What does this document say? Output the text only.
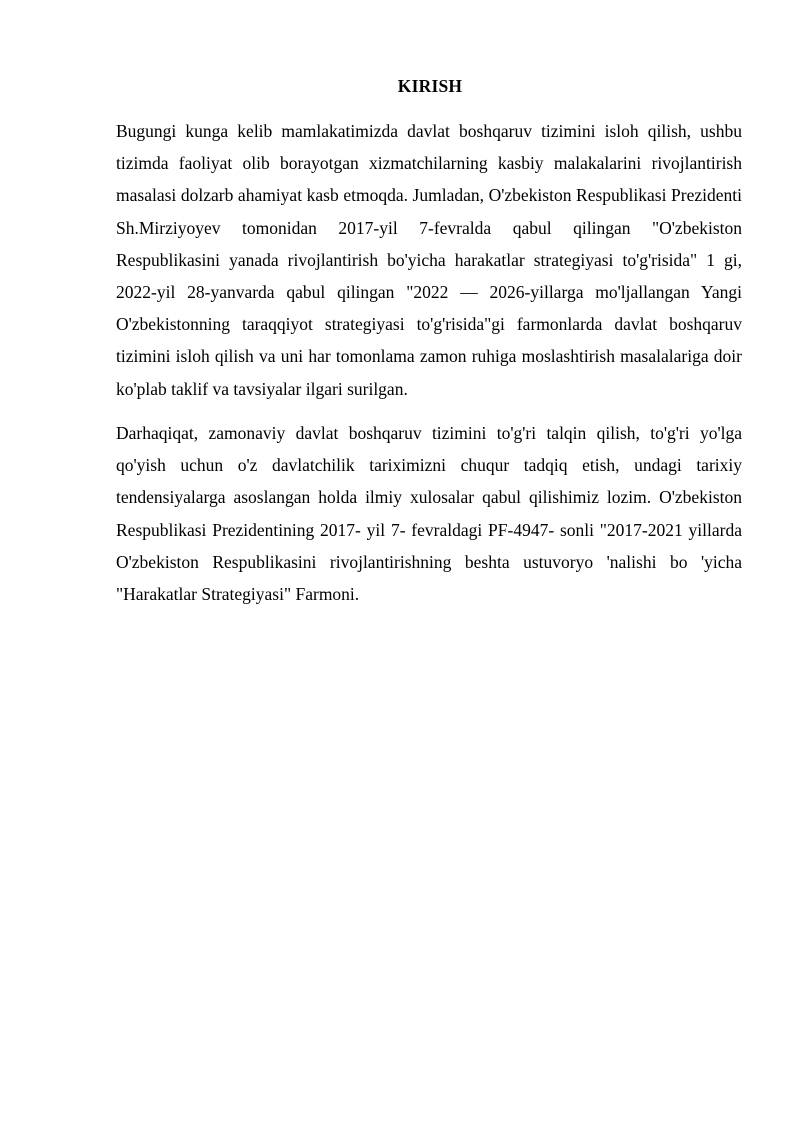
KIRISH

Bugungi kunga kelib mamlakatimizda davlat boshqaruv tizimini isloh qilish, ushbu tizimda faoliyat olib borayotgan xizmatchilarning kasbiy malakalarini rivojlantirish masalasi dolzarb ahamiyat kasb etmoqda. Jumladan, O'zbekiston Respublikasi Prezidenti Sh.Mirziyoyev tomonidan 2017-yil 7-fevralda qabul qilingan "O'zbekiston Respublikasini yanada rivojlantirish bo'yicha harakatlar strategiyasi to'g'risida" 1 gi, 2022-yil 28-yanvarda qabul qilingan "2022 — 2026-yillarga mo'ljallangan Yangi O'zbekistonning taraqqiyot strategiyasi to'g'risida"gi farmonlarda davlat boshqaruv tizimini isloh qilish va uni har tomonlama zamon ruhiga moslashtirish masalalariga doir ko'plab taklif va tavsiyalar ilgari surilgan.

Darhaqiqat, zamonaviy davlat boshqaruv tizimini to'g'ri talqin qilish, to'g'ri yo'lga qo'yish uchun o'z davlatchilik tariximizni chuqur tadqiq etish, undagi tarixiy tendensiyalarga asoslangan holda ilmiy xulosalar qabul qilishimiz lozim. O'zbekiston Respublikasi Prezidentining 2017- yil 7- fevraldagi PF-4947- sonli "2017-2021 yillarda O'zbekiston Respublikasini rivojlantirishning beshta ustuvoryo 'nalishi bo 'yicha "Harakatlar Strategiyasi" Farmoni.
